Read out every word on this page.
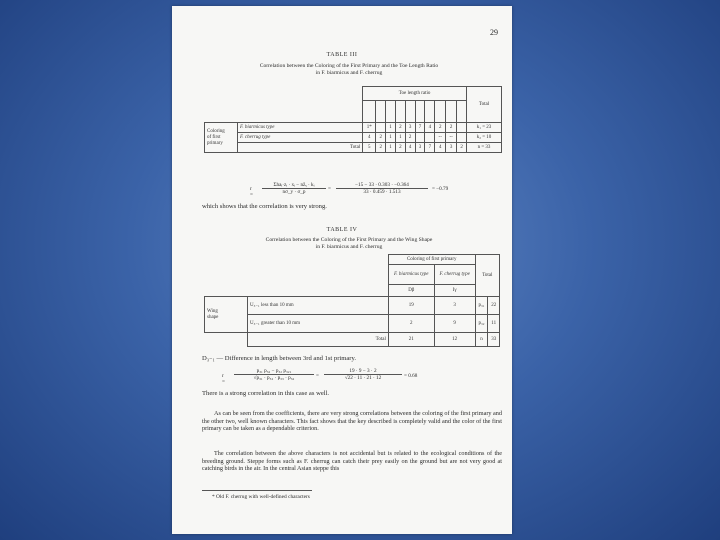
29
TABLE III
Correlation between the Coloring of the First Primary and the Toe Length Ratio
in F. biarmicus and F. cherrug
		Toe length ratio										Total

Coloring
of first
primary	F. biarmicus type	1*		1	2	3	7	4	2	2		k₁ = 23
	F. cherrug type	4	2	1	1	2			--	--		k₂ = 10
	Total	5	2	1	2	4	3	7	4	3	2	n = 33
r =
Σhaᵢ·zᵢ · xᵢ − nz̄ᵧ · kᵢ
nσ_y · σ_p	=
−15 − 33 · 0.303 · −0.364
33 · 0.459 · 1.513	= −0.79
which shows that the correlation is very strong.
TABLE IV
Correlation between the Coloring of the First Primary and the Wing Shape
in F. biarmicus and F. cherrug
		Coloring of first primary		Total	
		F. biarmicus type	F. cherrug type		
		Dβ	Iγ		

Wing
shape	U₃₋₁ less than 10 mm	19	3	p₃₁	22
	U₃₋₁ greater than 10 mm	2	9	p₃₂	11
	Total	21	12	n	33
D₃₋₁ — Difference in length between 3rd and 1st primary.
r =
p₃₁ p₃₂ − p₃₂ p₃₂₁
√p₃₁ · p₃₂ · p₃₃ · p₃₂	=
19 · 9 − 3 · 2
√22 · 11 · 21 · 12	= 0.68
There is a strong correlation in this case as well.
As can be seen from the coefficients, there are very strong correlations between the coloring of the first primary and the other two, well known characters. This fact shows that the key described is completely valid and the color of the first primary can be taken as a dependable criterion.
The correlation between the above characters is not accidental but is related to the ecological conditions of the breeding ground. Steppe forms such as F. cherrug can catch their prey easily on the ground but are not very good at catching birds in the air. In the central Asian steppe this
* Old F. cherrug with well-defined characters
